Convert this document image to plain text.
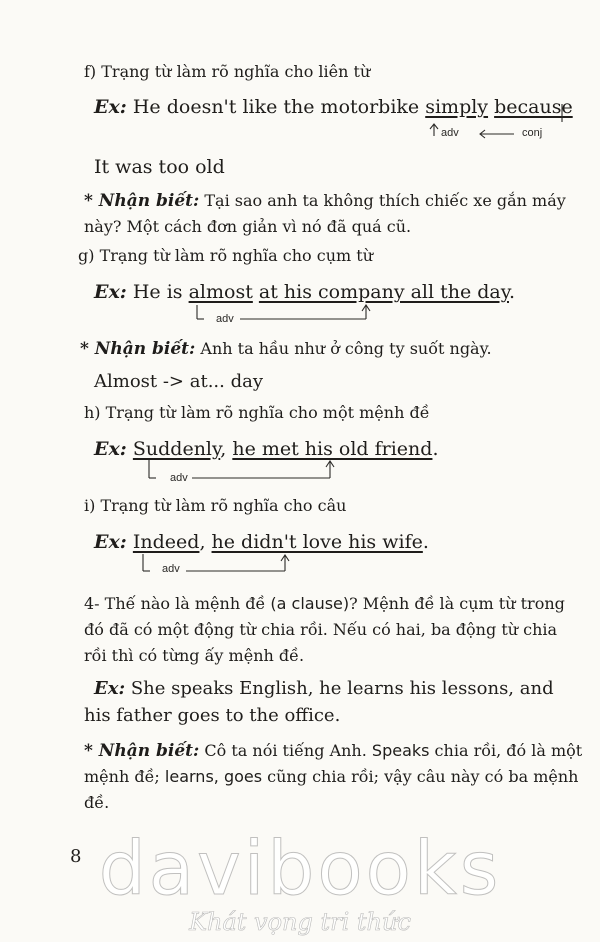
f) Trạng từ làm rõ nghĩa cho liên từ
Ex: He doesn't like the motorbike simply because
adv	conj
It was too old
* Nhận biết: Tại sao anh ta không thích chiếc xe gắn máy này? Một cách đơn giản vì nó đã quá cũ.
g) Trạng từ làm rõ nghĩa cho cụm từ
Ex: He is almost at his company all the day.
adv
* Nhận biết: Anh ta hầu như ở công ty suốt ngày.
Almost -> at... day
h) Trạng từ làm rõ nghĩa cho một mệnh đề
Ex: Suddenly, he met his old friend.
adv
i) Trạng từ làm rõ nghĩa cho câu
Ex: Indeed, he didn't love his wife.
adv
4- Thế nào là mệnh đề (a clause)? Mệnh đề là cụm từ trong đó đã có một động từ chia rồi. Nếu có hai, ba động từ chia rồi thì có từng ấy mệnh đề.
Ex: She speaks English, he learns his lessons, and his father goes to the office.
* Nhận biết: Cô ta nói tiếng Anh. Speaks chia rồi, đó là một mệnh đề; learns, goes cũng chia rồi; vậy câu này có ba mệnh đề.
8 davibooks
Khát vọng tri thức
